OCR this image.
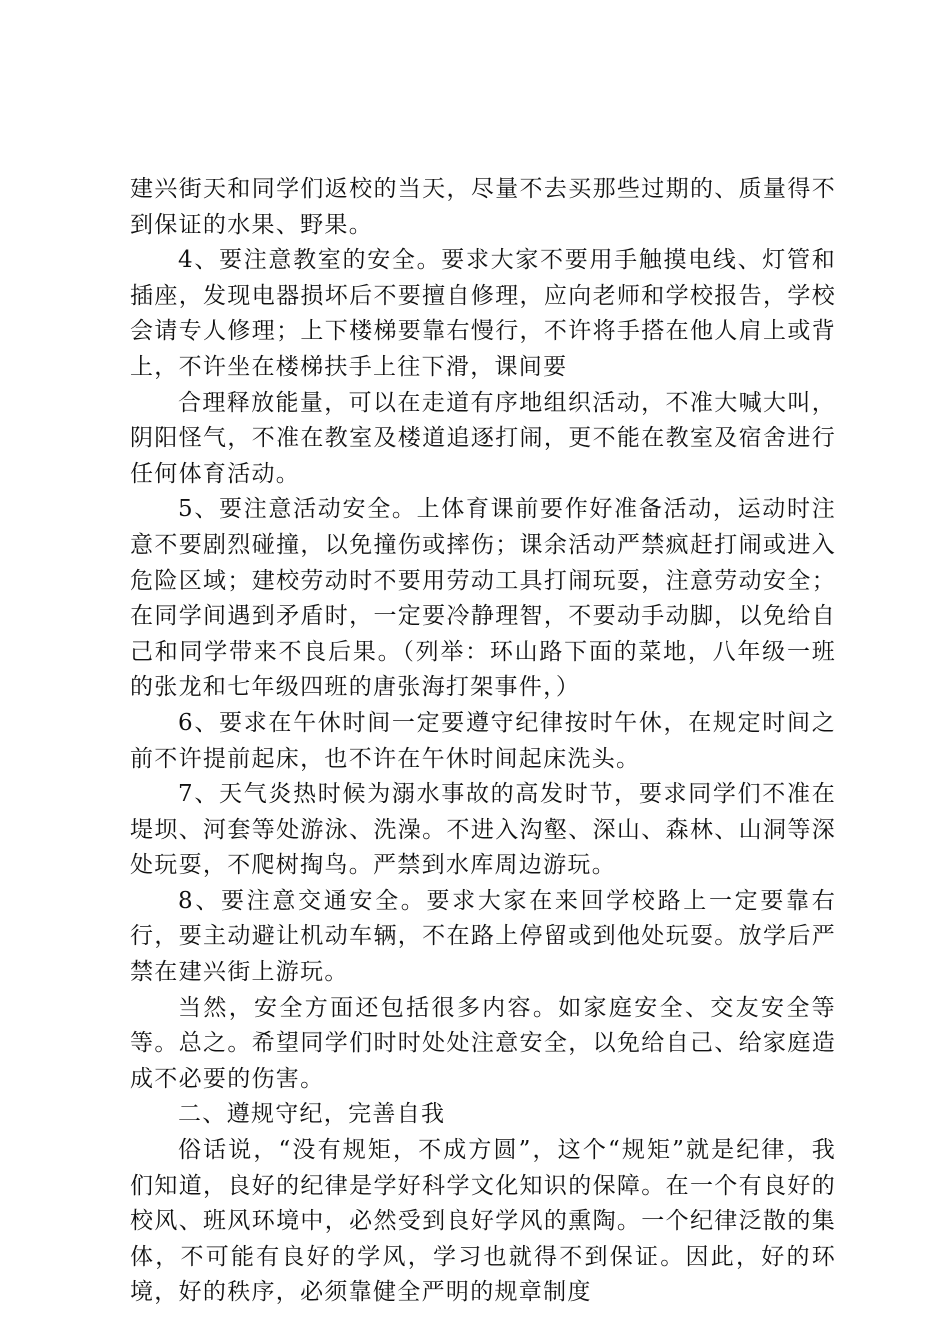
建兴街天和同学们返校的当天，尽量不去买那些过期的、质量得不到保证的水果、野果。

4、要注意教室的安全。要求大家不要用手触摸电线、灯管和插座，发现电器损坏后不要擅自修理，应向老师和学校报告，学校会请专人修理；上下楼梯要靠右慢行，不许将手搭在他人肩上或背上，不许坐在楼梯扶手上往下滑，课间要

合理释放能量，可以在走道有序地组织活动，不准大喊大叫，阴阳怪气，不准在教室及楼道追逐打闹，更不能在教室及宿舍进行任何体育活动。

5、要注意活动安全。上体育课前要作好准备活动，运动时注意不要剧烈碰撞，以免撞伤或摔伤；课余活动严禁疯赶打闹或进入危险区域；建校劳动时不要用劳动工具打闹玩耍，注意劳动安全；在同学间遇到矛盾时，一定要冷静理智，不要动手动脚，以免给自己和同学带来不良后果。（列举：环山路下面的菜地，八年级一班的张龙和七年级四班的唐张海打架事件，）

6、要求在午休时间一定要遵守纪律按时午休，在规定时间之前不许提前起床，也不许在午休时间起床洗头。

7、天气炎热时候为溺水事故的高发时节，要求同学们不准在堤坝、河套等处游泳、洗澡。不进入沟壑、深山、森林、山洞等深处玩耍，不爬树掏鸟。严禁到水库周边游玩。

8、要注意交通安全。要求大家在来回学校路上一定要靠右行，要主动避让机动车辆，不在路上停留或到他处玩耍。放学后严禁在建兴街上游玩。

当然，安全方面还包括很多内容。如家庭安全、交友安全等等。总之。希望同学们时时处处注意安全，以免给自己、给家庭造成不必要的伤害。

二、遵规守纪，完善自我

俗话说，“没有规矩，不成方圆”，这个“规矩”就是纪律，我们知道，良好的纪律是学好科学文化知识的保障。在一个有良好的校风、班风环境中，必然受到良好学风的熏陶。一个纪律泛散的集体，不可能有良好的学风，学习也就得不到保证。因此，好的环境，好的秩序，必须靠健全严明的规章制度
